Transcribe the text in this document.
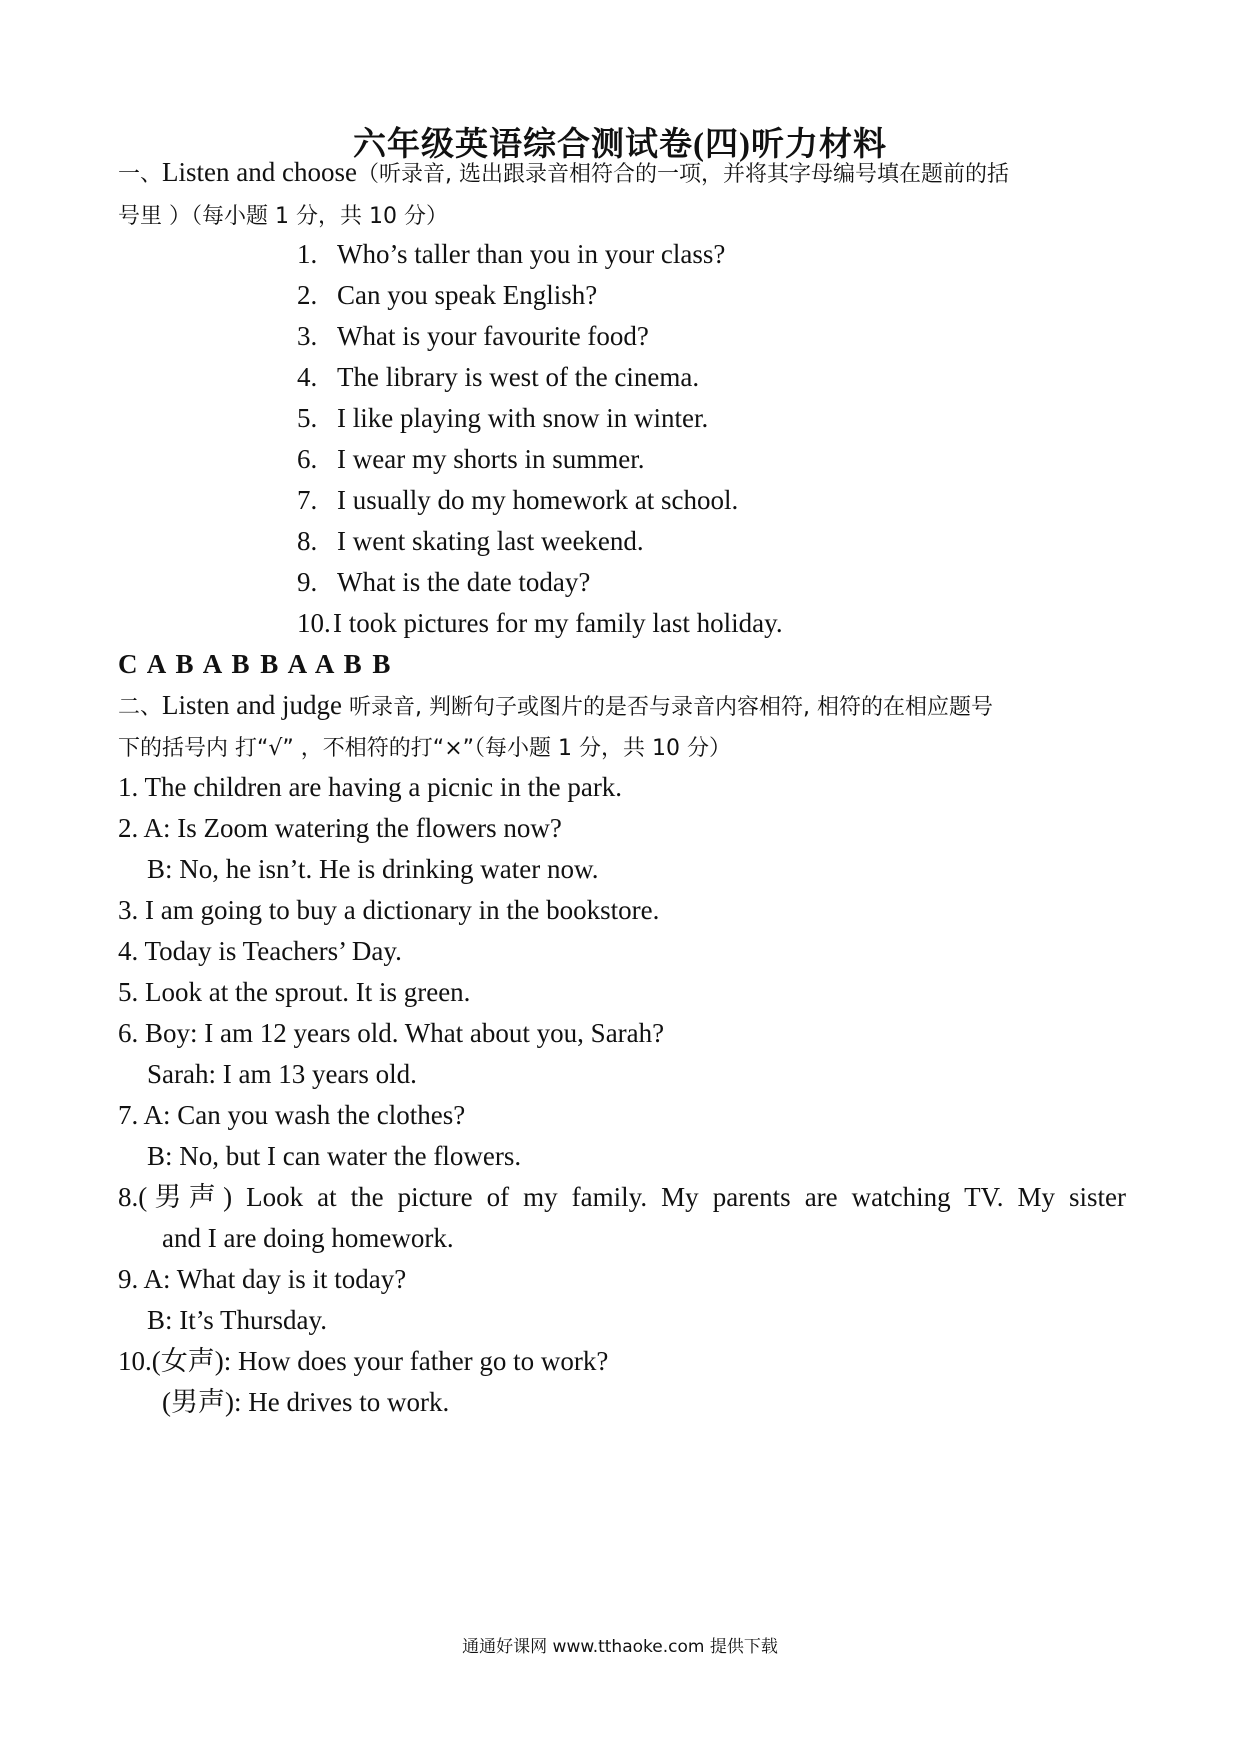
六年级英语综合测试卷(四)听力材料
一、Listen and choose（听录音, 选出跟录音相符合的一项，并将其字母编号填在题前的括
号里 ）（每小题 1 分，共 10 分）
1. Who’s taller than you in your class?
2. Can you speak English?
3. What is your favourite food?
4. The library is west of the cinema.
5. I like playing with snow in winter.
6. I wear my shorts in summer.
7. I usually do my homework at school.
8. I went skating last weekend.
9. What is the date today?
10.I took pictures for my family last holiday.
C A B A B B A A B B
二、Listen and judge 听录音, 判断句子或图片的是否与录音内容相符, 相符的在相应题号
下的括号内 打“√” ，不相符的打“×”（每小题 1 分，共 10 分）
1. The children are having a picnic in the park.
2. A: Is Zoom watering the flowers now?
B: No, he isn’t. He is drinking water now.
3. I am going to buy a dictionary in the bookstore.
4. Today is Teachers’ Day.
5. Look at the sprout. It is green.
6. Boy: I am 12 years old. What about you, Sarah?
Sarah: I am 13 years old.
7. A: Can you wash the clothes?
B: No, but I can water the flowers.
8.(男声) Look at the picture of my family. My parents are watching TV. My sister
and I are doing homework.
9. A: What day is it today?
B: It’s Thursday.
10.(女声): How does your father go to work?
(男声): He drives to work.
通通好课网 www.tthaoke.com 提供下载
